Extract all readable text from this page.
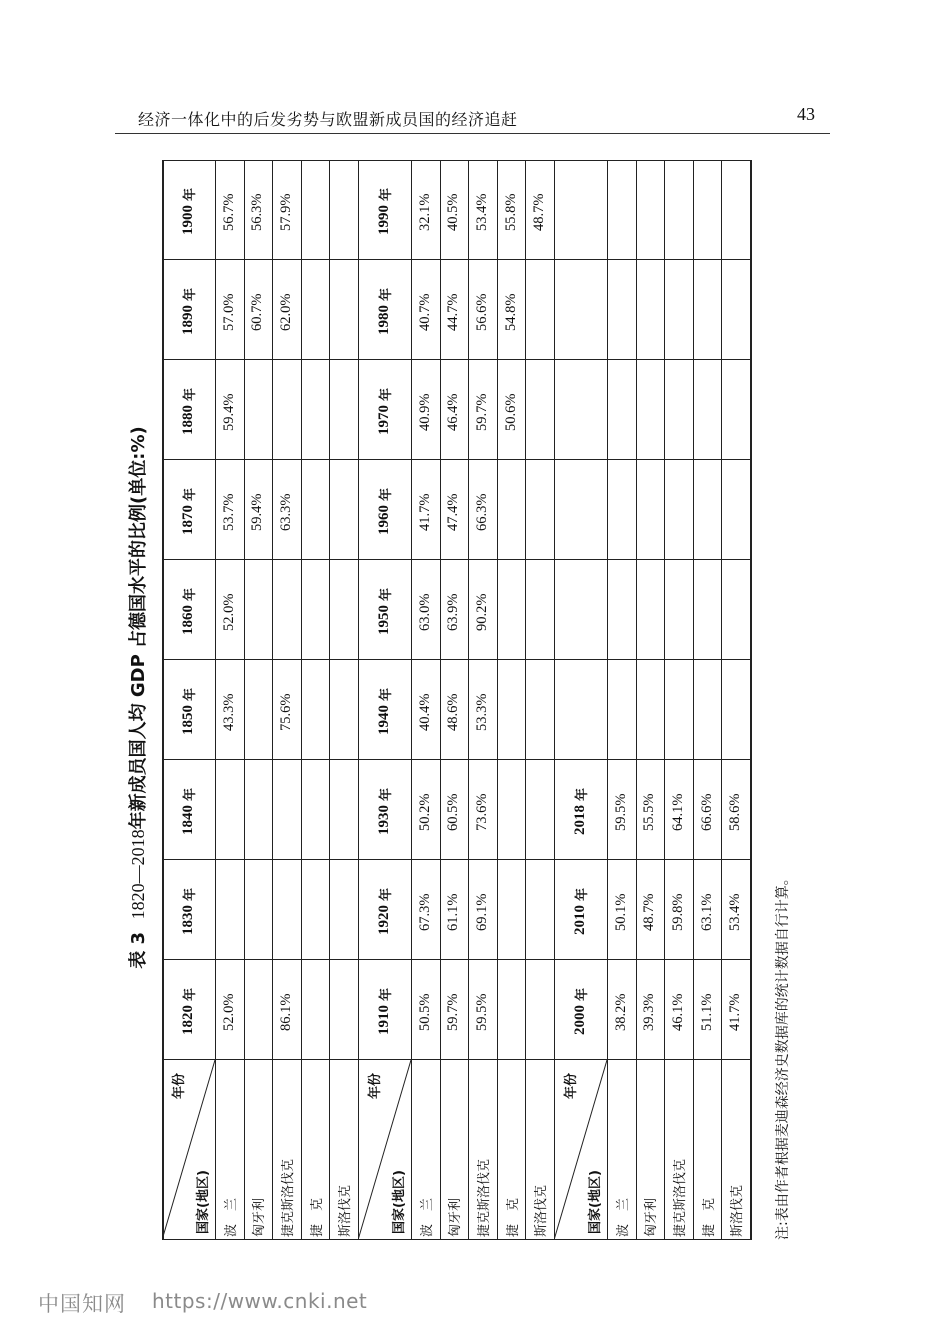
经济一体化中的后发劣势与欧盟新成员国的经济追赶	43
表 3  1820—2018年新成员国人均 GDP 占德国水平的比例(单位:%)
年份
国家(地区)
1820
年
1830
年
1840
年
1850
年
1860
年
1870
年
1880
年
1890
年
1900
年
波　兰
52.0%
43.3%
52.0%
53.7%
59.4%
57.0%
56.7%
匈牙利
59.4%
60.7%
56.3%
捷克斯洛伐克
86.1%
75.6%
63.3%
62.0%
57.9%
捷　克	斯洛伐克
年份
国家(地区)
1910
年
1920
年
1930
年
1940
年
1950
年
1960
年
1970
年
1980
年
1990
年
波　兰
50.5%
67.3%
50.2%
40.4%
63.0%
41.7%
40.9%
40.7%
32.1%
匈牙利
59.7%
61.1%
60.5%
48.6%
63.9%
47.4%
46.4%
44.7%
40.5%
捷克斯洛伐克
59.5%
69.1%
73.6%
53.3%
90.2%
66.3%
59.7%
56.6%
53.4%
捷　克
50.6%
54.8%
55.8%
斯洛伐克
48.7%
年份
国家(地区)
2000
年
2010
年
2018
年
波　兰
38.2%
50.1%
59.5%
匈牙利
39.3%
48.7%
55.5%
捷克斯洛伐克
46.1%
59.8%
64.1%
捷　克
51.1%
63.1%
66.6%
斯洛伐克
41.7%
53.4%
58.6%
注:表由作者根据麦迪森经济史数据库的统计数据自行计算。
中国知网 https://www.cnki.net
